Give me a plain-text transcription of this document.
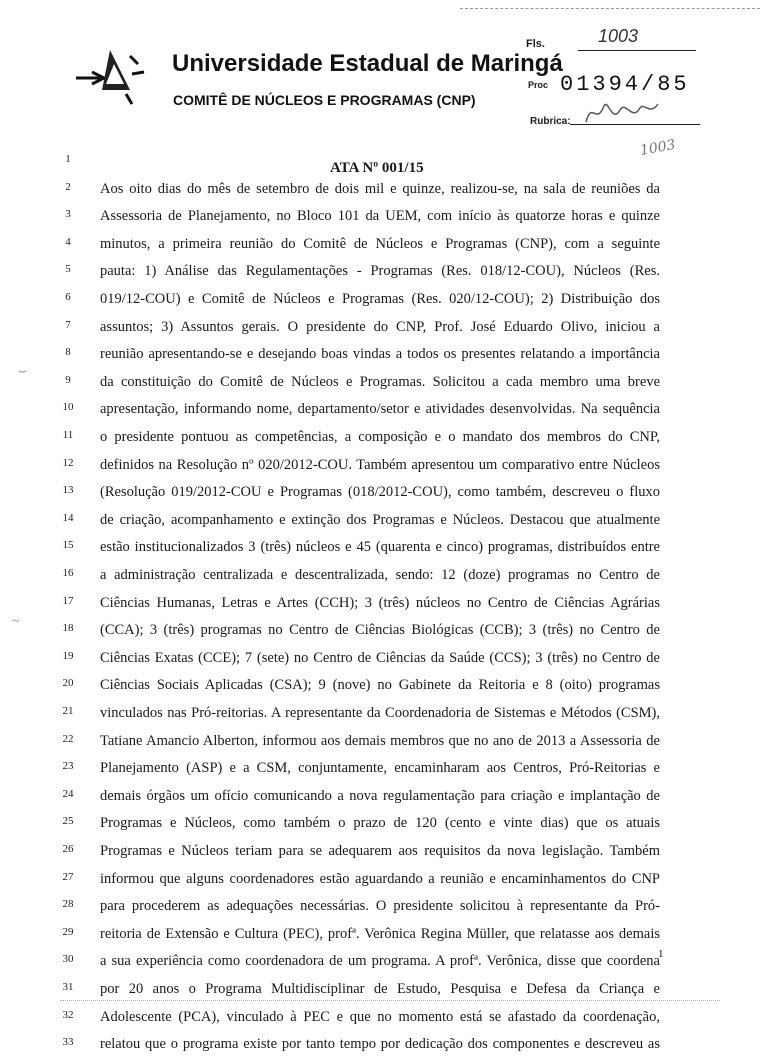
Universidade Estadual de Maringá
COMITÊ DE NÚCLEOS E PROGRAMAS (CNP)
Fls.	1003
Proc 01394/85
Rubrica:
1003
ATA Nº 001/15
1
2	Aos oito dias do mês de setembro de dois mil e quinze, realizou-se, na sala de reuniões da
3	Assessoria de Planejamento, no Bloco 101 da UEM, com início às quatorze horas e quinze
4	minutos, a primeira reunião do Comitê de Núcleos e Programas (CNP), com a seguinte
5	pauta: 1) Análise das Regulamentações - Programas (Res. 018/12-COU), Núcleos (Res.
6	019/12-COU) e Comitê de Núcleos e Programas (Res. 020/12-COU); 2) Distribuição dos
7	assuntos; 3) Assuntos gerais. O presidente do CNP, Prof. José Eduardo Olivo, iniciou a
8	reunião apresentando-se e desejando boas vindas a todos os presentes relatando a importância
9	da constituição do Comitê de Núcleos e Programas. Solicitou a cada membro uma breve
10	apresentação, informando nome, departamento/setor e atividades desenvolvidas. Na sequência
11	o presidente pontuou as competências, a composição e o mandato dos membros do CNP,
12	definidos na Resolução nº 020/2012-COU. Também apresentou um comparativo entre Núcleos
13	(Resolução 019/2012-COU e Programas (018/2012-COU), como também, descreveu o fluxo
14	de criação, acompanhamento e extinção dos Programas e Núcleos. Destacou que atualmente
15	estão institucionalizados 3 (três) núcleos e 45 (quarenta e cinco) programas, distribuídos entre
16	a administração centralizada e descentralizada, sendo: 12 (doze) programas no Centro de
17	Ciências Humanas, Letras e Artes (CCH); 3 (três) núcleos no Centro de Ciências Agrárias
18	(CCA); 3 (três) programas no Centro de Ciências Biológicas (CCB); 3 (três) no Centro de
19	Ciências Exatas (CCE); 7 (sete) no Centro de Ciências da Saúde (CCS); 3 (três) no Centro de
20	Ciências Sociais Aplicadas (CSA); 9 (nove) no Gabinete da Reitoria e 8 (oito) programas
21	vinculados nas Pró-reitorias. A representante da Coordenadoria de Sistemas e Métodos (CSM),
22	Tatiane Amancio Alberton, informou aos demais membros que no ano de 2013 a Assessoria de
23	Planejamento (ASP) e a CSM, conjuntamente, encaminharam aos Centros, Pró-Reitorias e
24	demais órgãos um ofício comunicando a nova regulamentação para criação e implantação de
25	Programas e Núcleos, como também o prazo de 120 (cento e vinte dias) que os atuais
26	Programas e Núcleos teriam para se adequarem aos requisitos da nova legislação. Também
27	informou que alguns coordenadores estão aguardando a reunião e encaminhamentos do CNP
28	para procederem as adequações necessárias. O presidente solicitou à representante da Pró-
29	reitoria de Extensão e Cultura (PEC), profª. Verônica Regina Müller, que relatasse aos demais
30	a sua experiência como coordenadora de um programa. A profª. Verônica, disse que coordena
31	por 20 anos o Programa Multidisciplinar de Estudo, Pesquisa e Defesa da Criança e
32	Adolescente (PCA), vinculado à PEC e que no momento está se afastado da coordenação,
33	relatou que o programa existe por tanto tempo por dedicação dos componentes e descreveu as
1
⌣
~
